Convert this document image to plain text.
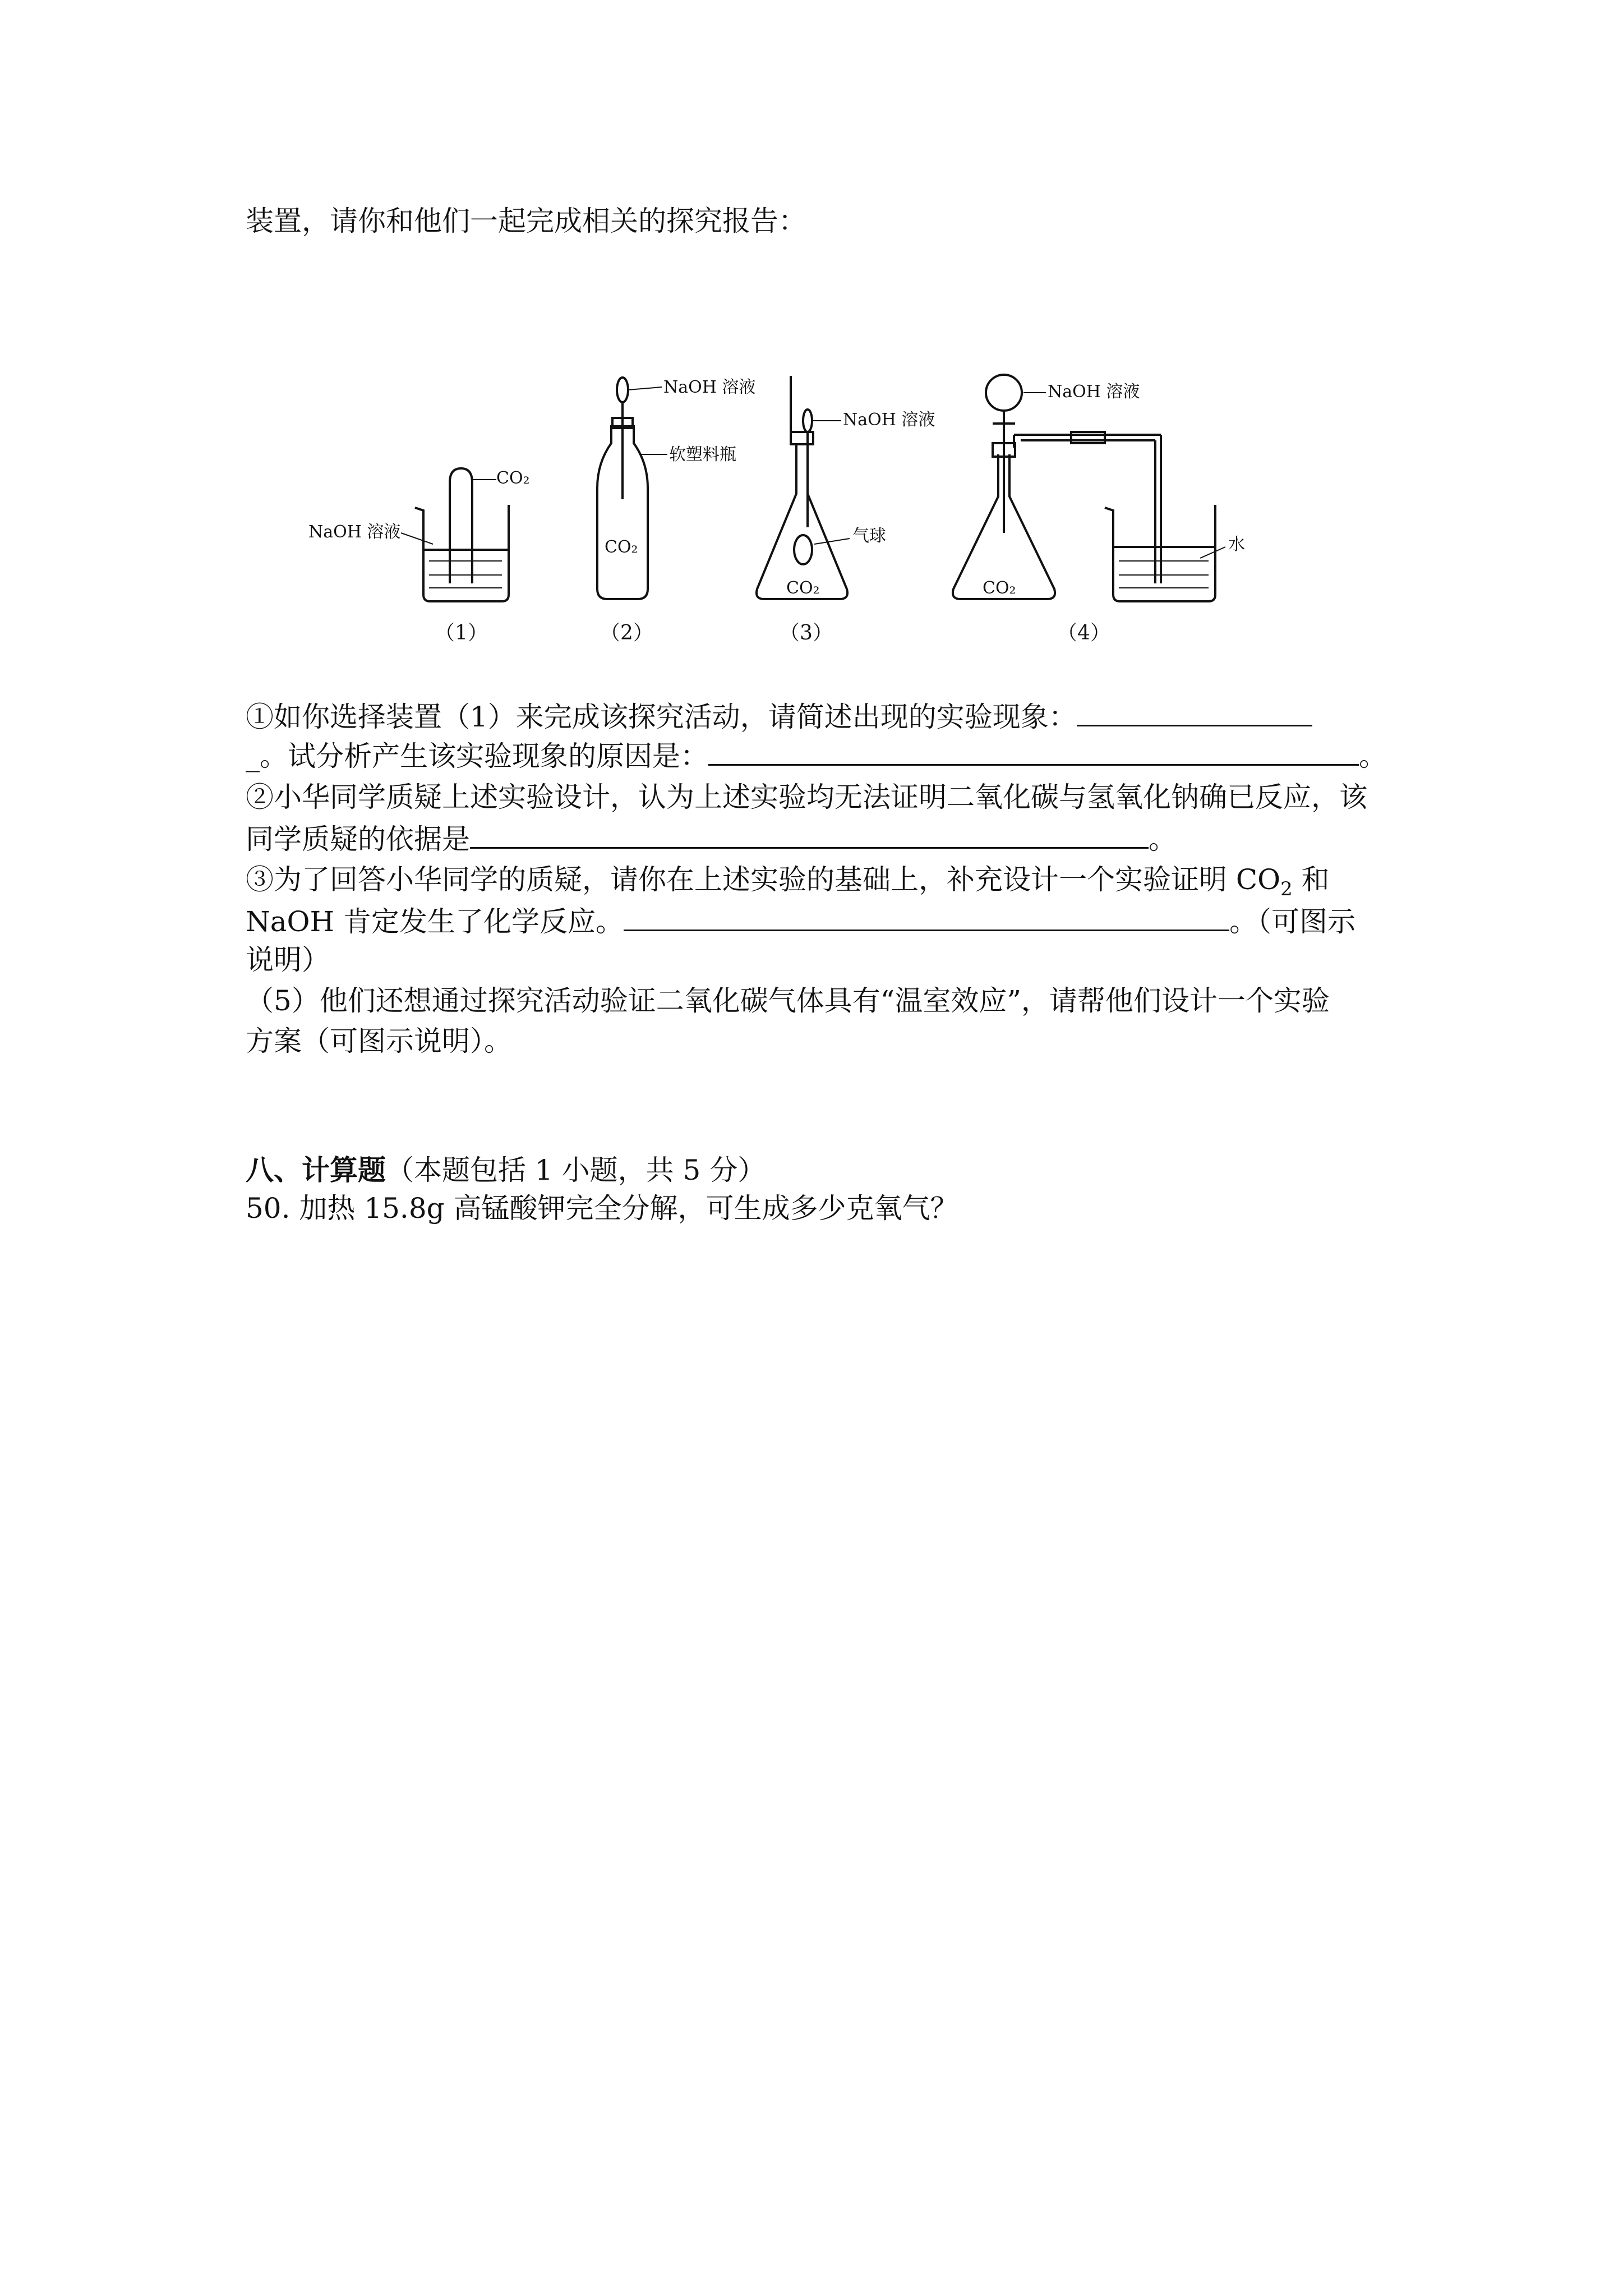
装置，请你和他们一起完成相关的探究报告：
CO₂
NaOH 溶液
CO₂
NaOH 溶液
软塑料瓶
NaOH 溶液
气球
CO₂
NaOH 溶液
CO₂
水
（1）	（2）	（3）	（4）
①如你选择装置（1）来完成该探究活动，请简述出现的实验现象：
_。试分析产生该实验现象的原因是：	。
②小华同学质疑上述实验设计，认为上述实验均无法证明二氧化碳与氢氧化钠确已反应，该
同学质疑的依据是	。
③为了回答小华同学的质疑，请你在上述实验的基础上，补充设计一个实验证明 $CO_2$ 和
NaOH 肯定发生了化学反应。	。（可图示
说明）
（5）他们还想通过探究活动验证二氧化碳气体具有“温室效应”，请帮他们设计一个实验
方案（可图示说明）。
八、计算题（本题包括 1 小题，共 5 分）
50. 加热 15.8g 高锰酸钾完全分解，可生成多少克氧气？
